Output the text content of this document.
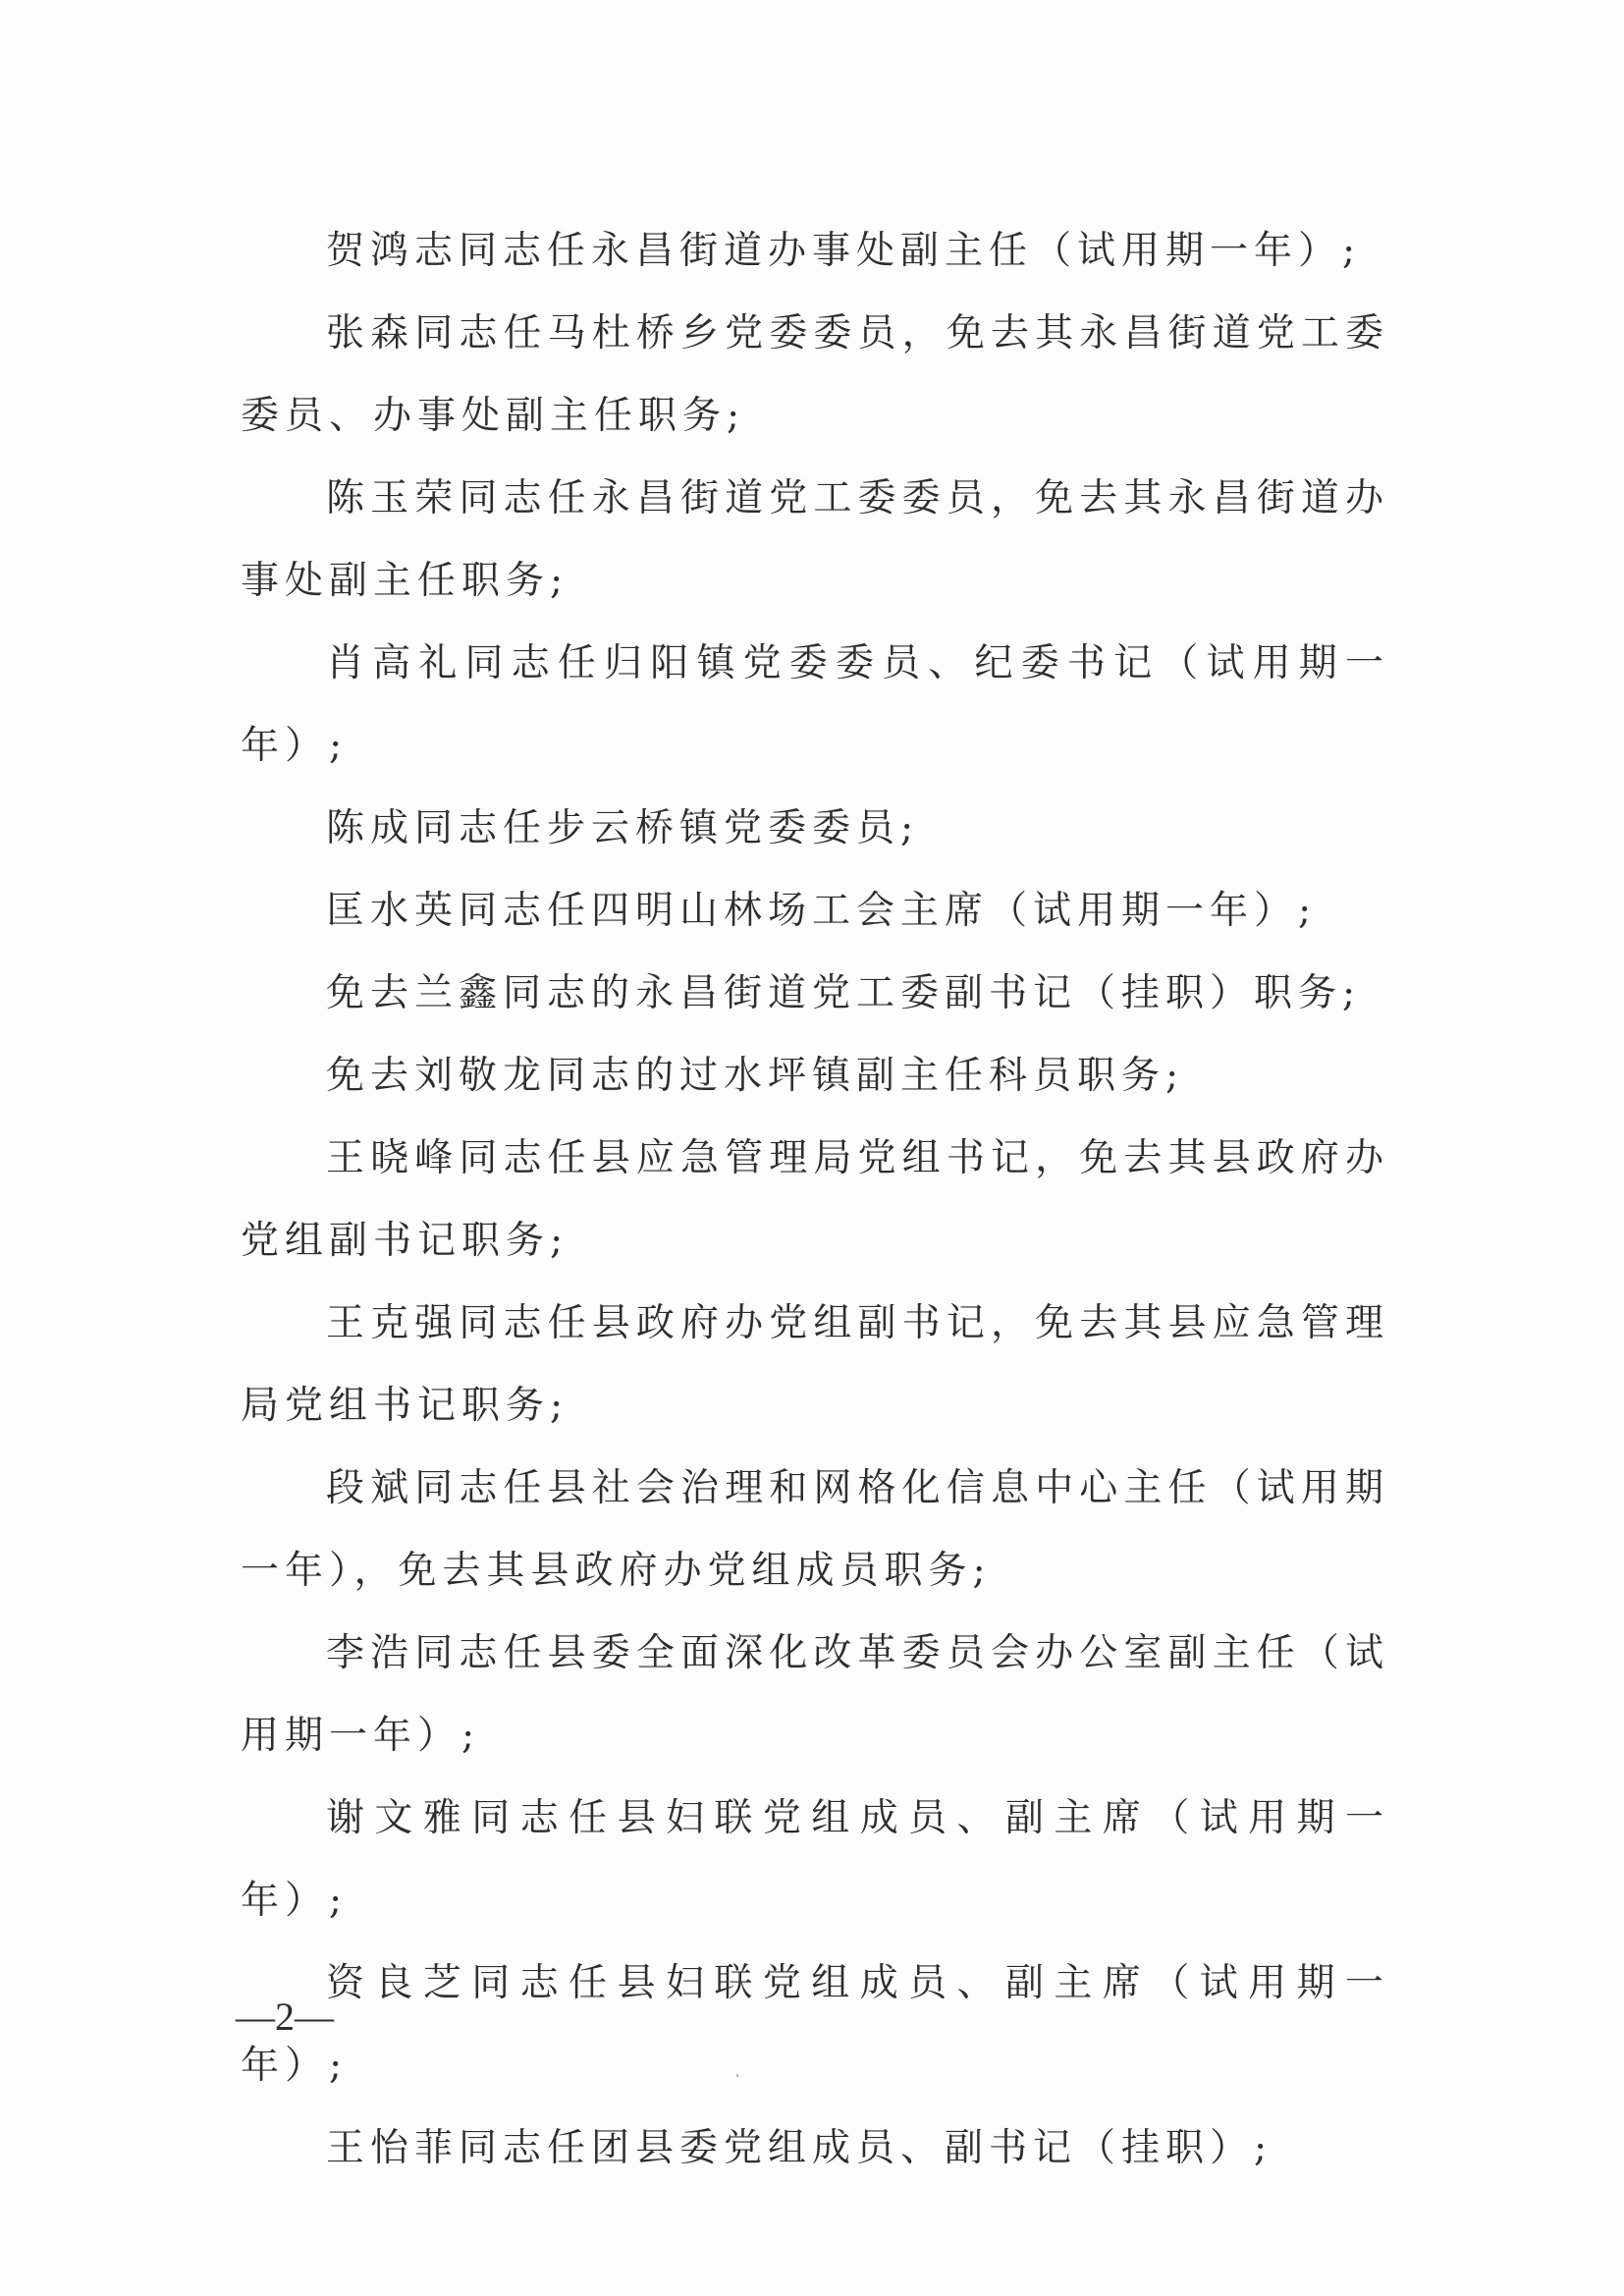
贺鸿志同志任永昌街道办事处副主任（试用期一年）;

张森同志任马杜桥乡党委委员，免去其永昌街道党工委委员、办事处副主任职务;

陈玉荣同志任永昌街道党工委委员，免去其永昌街道办事处副主任职务;

肖高礼同志任归阳镇党委委员、纪委书记（试用期一年）;

陈成同志任步云桥镇党委委员;

匡水英同志任四明山林场工会主席（试用期一年）;

免去兰鑫同志的永昌街道党工委副书记（挂职）职务;

免去刘敬龙同志的过水坪镇副主任科员职务;

王晓峰同志任县应急管理局党组书记，免去其县政府办党组副书记职务;

王克强同志任县政府办党组副书记，免去其县应急管理局党组书记职务;

段斌同志任县社会治理和网格化信息中心主任（试用期一年），免去其县政府办党组成员职务;

李浩同志任县委全面深化改革委员会办公室副主任（试用期一年）;

谢文雅同志任县妇联党组成员、副主席（试用期一年）;

资良芝同志任县妇联党组成员、副主席（试用期一年）;

王怡菲同志任团县委党组成员、副书记（挂职）;

—2—
